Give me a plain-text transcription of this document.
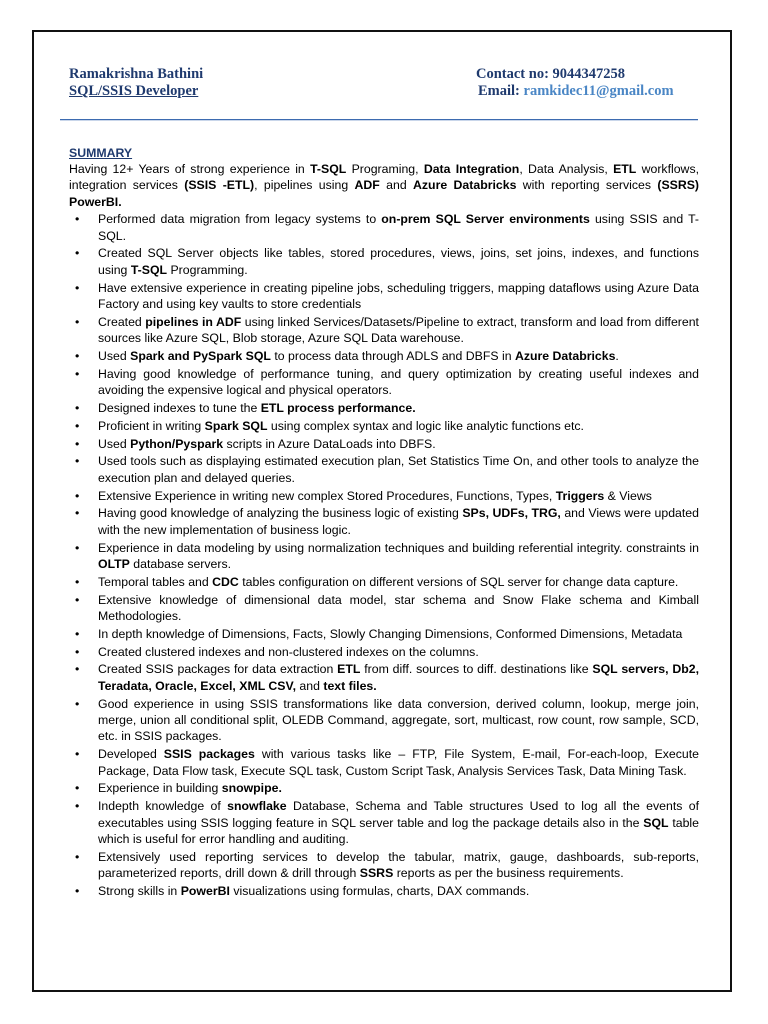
Ramakrishna Bathini
SQL/SSIS Developer
Contact no: 9044347258
Email: ramkidec11@gmail.com
SUMMARY
Having 12+ Years of strong experience in T-SQL Programing, Data Integration, Data Analysis, ETL workflows, integration services (SSIS -ETL), pipelines using ADF and Azure Databricks with reporting services (SSRS) PowerBI.
• Performed data migration from legacy systems to on-prem SQL Server environments using SSIS and T-SQL.
• Created SQL Server objects like tables, stored procedures, views, joins, set joins, indexes, and functions using T-SQL Programming.
• Have extensive experience in creating pipeline jobs, scheduling triggers, mapping dataflows using Azure Data Factory and using key vaults to store credentials
• Created pipelines in ADF using linked Services/Datasets/Pipeline to extract, transform and load from different sources like Azure SQL, Blob storage, Azure SQL Data warehouse.
• Used Spark and PySpark SQL to process data through ADLS and DBFS in Azure Databricks.
• Having good knowledge of performance tuning, and query optimization by creating useful indexes and avoiding the expensive logical and physical operators.
• Designed indexes to tune the ETL process performance.
• Proficient in writing Spark SQL using complex syntax and logic like analytic functions etc.
• Used Python/Pyspark scripts in Azure DataLoads into DBFS.
• Used tools such as displaying estimated execution plan, Set Statistics Time On, and other tools to analyze the execution plan and delayed queries.
• Extensive Experience in writing new complex Stored Procedures, Functions, Types, Triggers & Views
• Having good knowledge of analyzing the business logic of existing SPs, UDFs, TRG, and Views were updated with the new implementation of business logic.
• Experience in data modeling by using normalization techniques and building referential integrity. constraints in OLTP database servers.
• Temporal tables and CDC tables configuration on different versions of SQL server for change data capture.
• Extensive knowledge of dimensional data model, star schema and Snow Flake schema and Kimball Methodologies.
• In depth knowledge of Dimensions, Facts, Slowly Changing Dimensions, Conformed Dimensions, Metadata
• Created clustered indexes and non-clustered indexes on the columns.
• Created SSIS packages for data extraction ETL from diff. sources to diff. destinations like SQL servers, Db2, Teradata, Oracle, Excel, XML CSV, and text files.
• Good experience in using SSIS transformations like data conversion, derived column, lookup, merge join, merge, union all conditional split, OLEDB Command, aggregate, sort, multicast, row count, row sample, SCD, etc. in SSIS packages.
• Developed SSIS packages with various tasks like – FTP, File System, E-mail, For-each-loop, Execute Package, Data Flow task, Execute SQL task, Custom Script Task, Analysis Services Task, Data Mining Task.
• Experience in building snowpipe.
• Indepth knowledge of snowflake Database, Schema and Table structures Used to log all the events of executables using SSIS logging feature in SQL server table and log the package details also in the SQL table which is useful for error handling and auditing.
• Extensively used reporting services to develop the tabular, matrix, gauge, dashboards, sub-reports, parameterized reports, drill down & drill through SSRS reports as per the business requirements.
• Strong skills in PowerBI visualizations using formulas, charts, DAX commands.
